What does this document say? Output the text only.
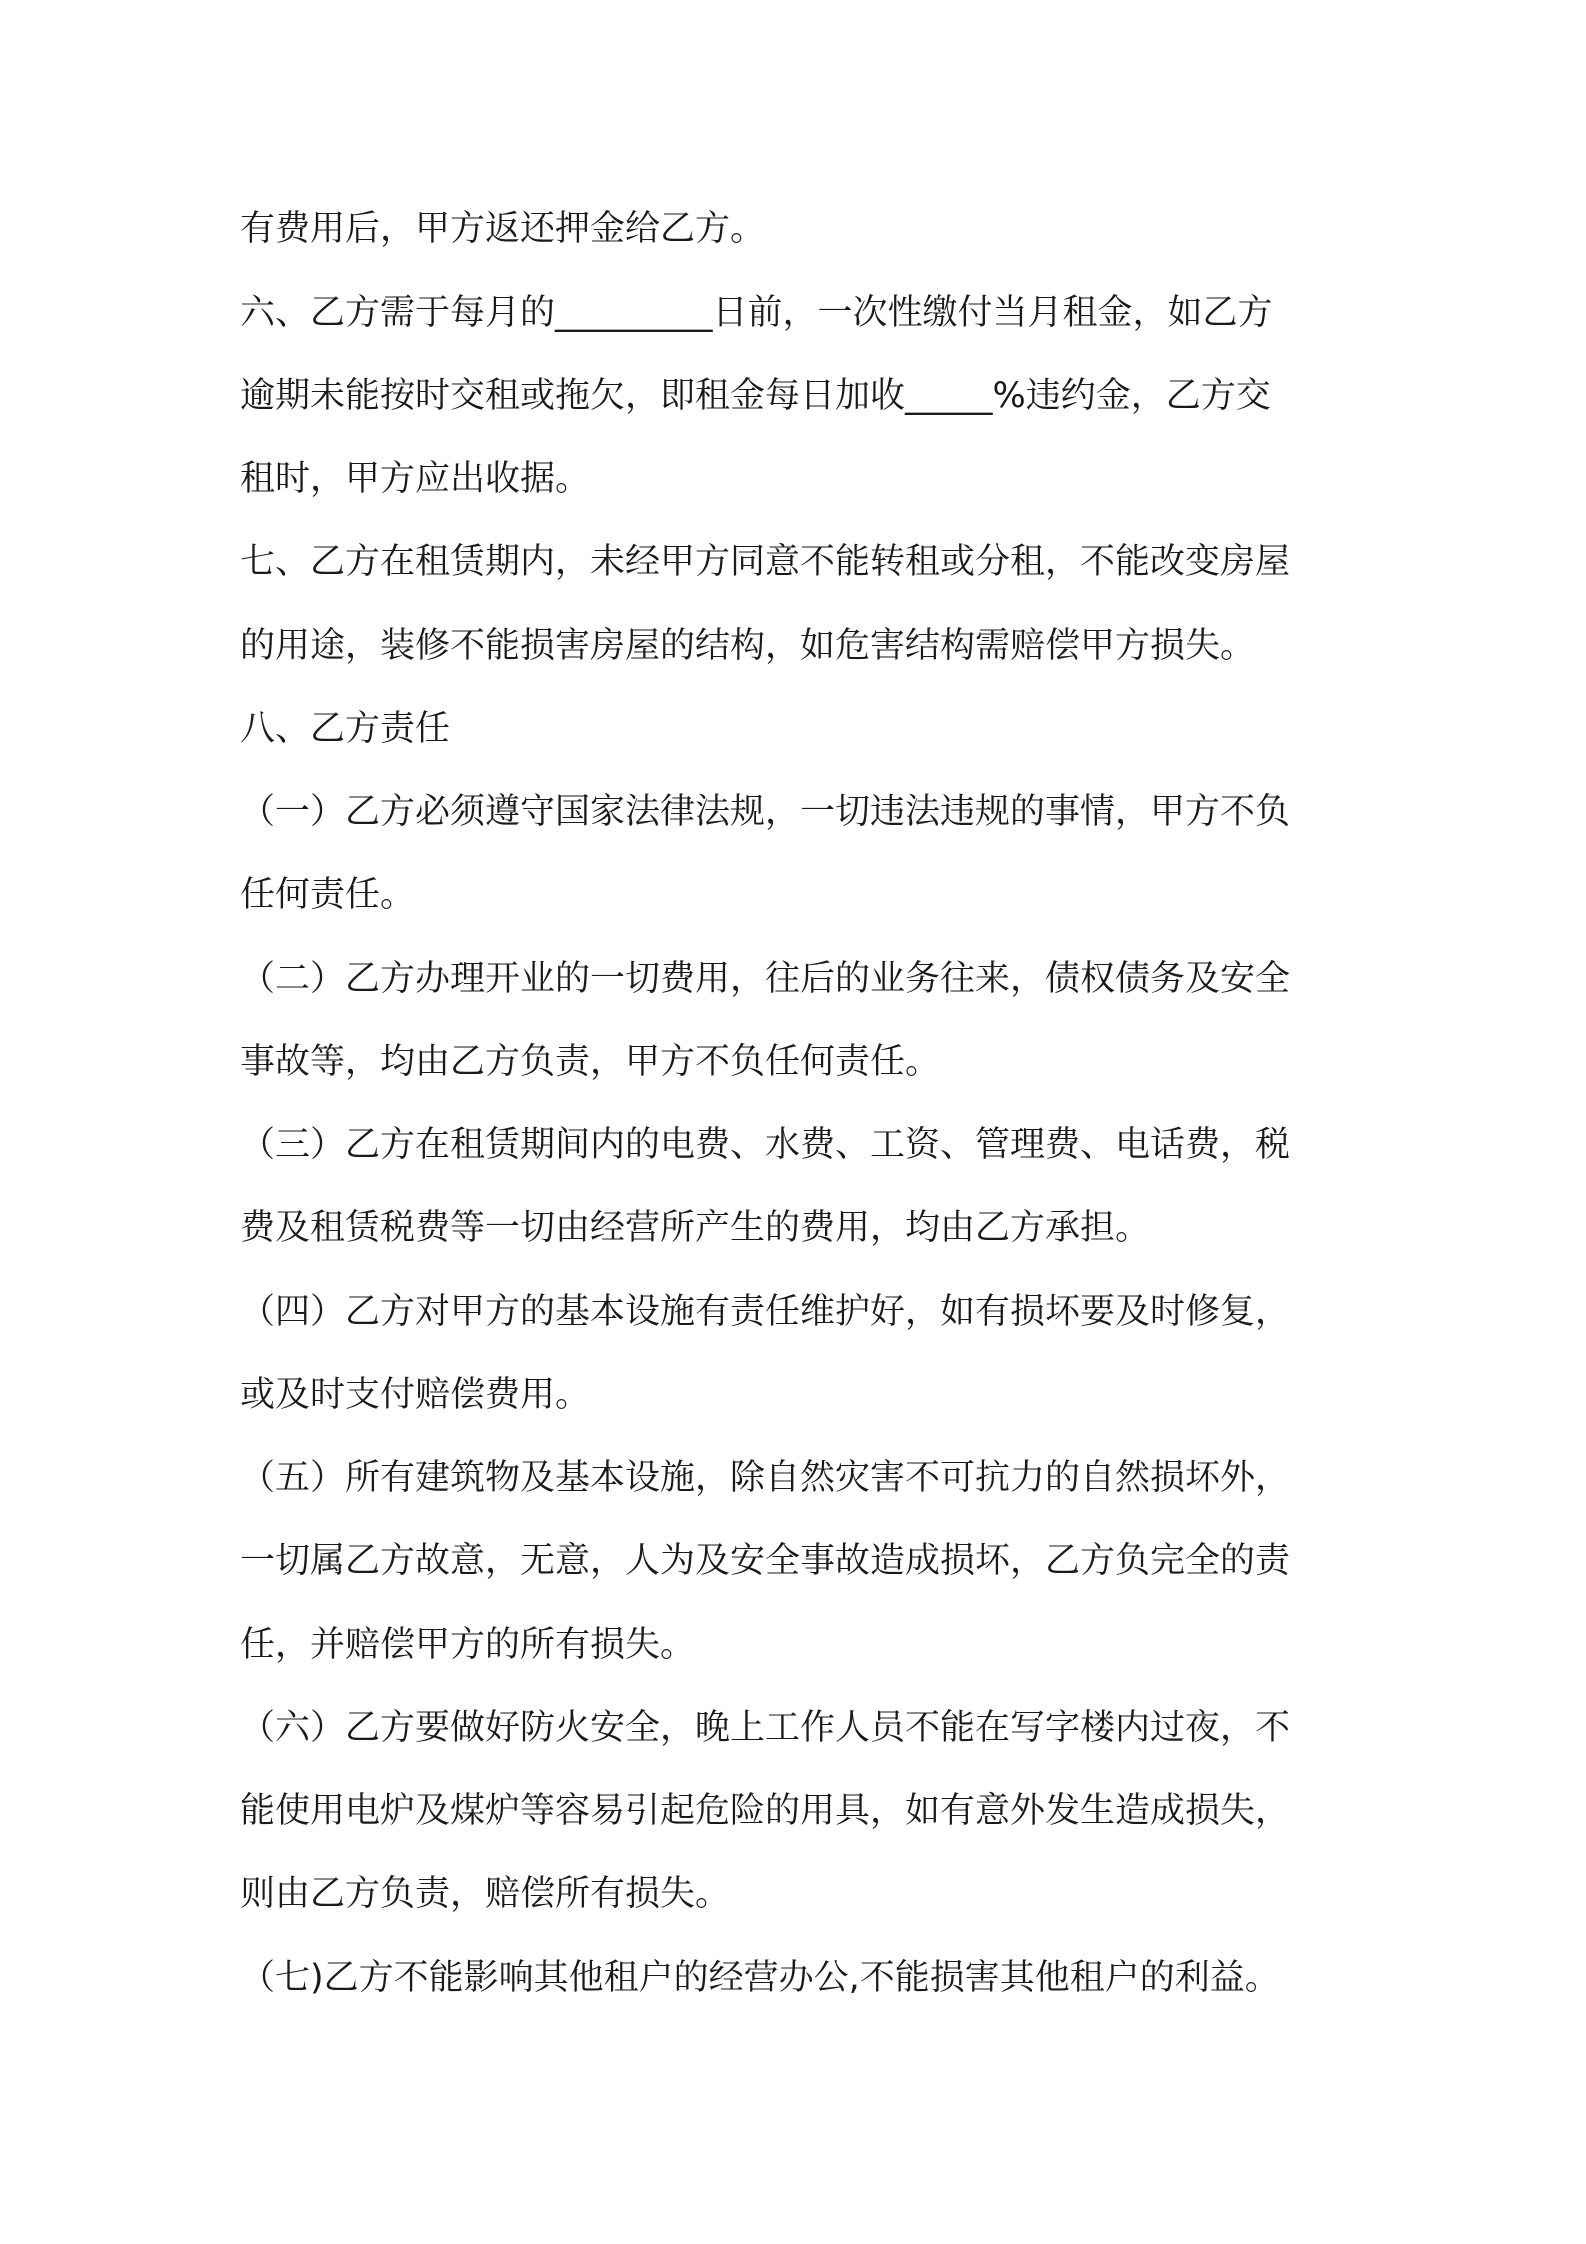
有费用后，甲方返还押金给乙方。
六、乙方需于每月的_________日前，一次性缴付当月租金，如乙方
逾期未能按时交租或拖欠，即租金每日加收_____%违约金，乙方交
租时，甲方应出收据。
七、乙方在租赁期内，未经甲方同意不能转租或分租，不能改变房屋
的用途，装修不能损害房屋的结构，如危害结构需赔偿甲方损失。
八、乙方责任
（一）乙方必须遵守国家法律法规，一切违法违规的事情，甲方不负
任何责任。
（二）乙方办理开业的一切费用，往后的业务往来，债权债务及安全
事故等，均由乙方负责，甲方不负任何责任。
（三）乙方在租赁期间内的电费、水费、工资、管理费、电话费，税
费及租赁税费等一切由经营所产生的费用，均由乙方承担。
（四）乙方对甲方的基本设施有责任维护好，如有损坏要及时修复，
或及时支付赔偿费用。
（五）所有建筑物及基本设施，除自然灾害不可抗力的自然损坏外，
一切属乙方故意，无意，人为及安全事故造成损坏，乙方负完全的责
任，并赔偿甲方的所有损失。
（六）乙方要做好防火安全，晚上工作人员不能在写字楼内过夜，不
能使用电炉及煤炉等容易引起危险的用具，如有意外发生造成损失，
则由乙方负责，赔偿所有损失。
（七)乙方不能影响其他租户的经营办公,不能损害其他租户的利益。
